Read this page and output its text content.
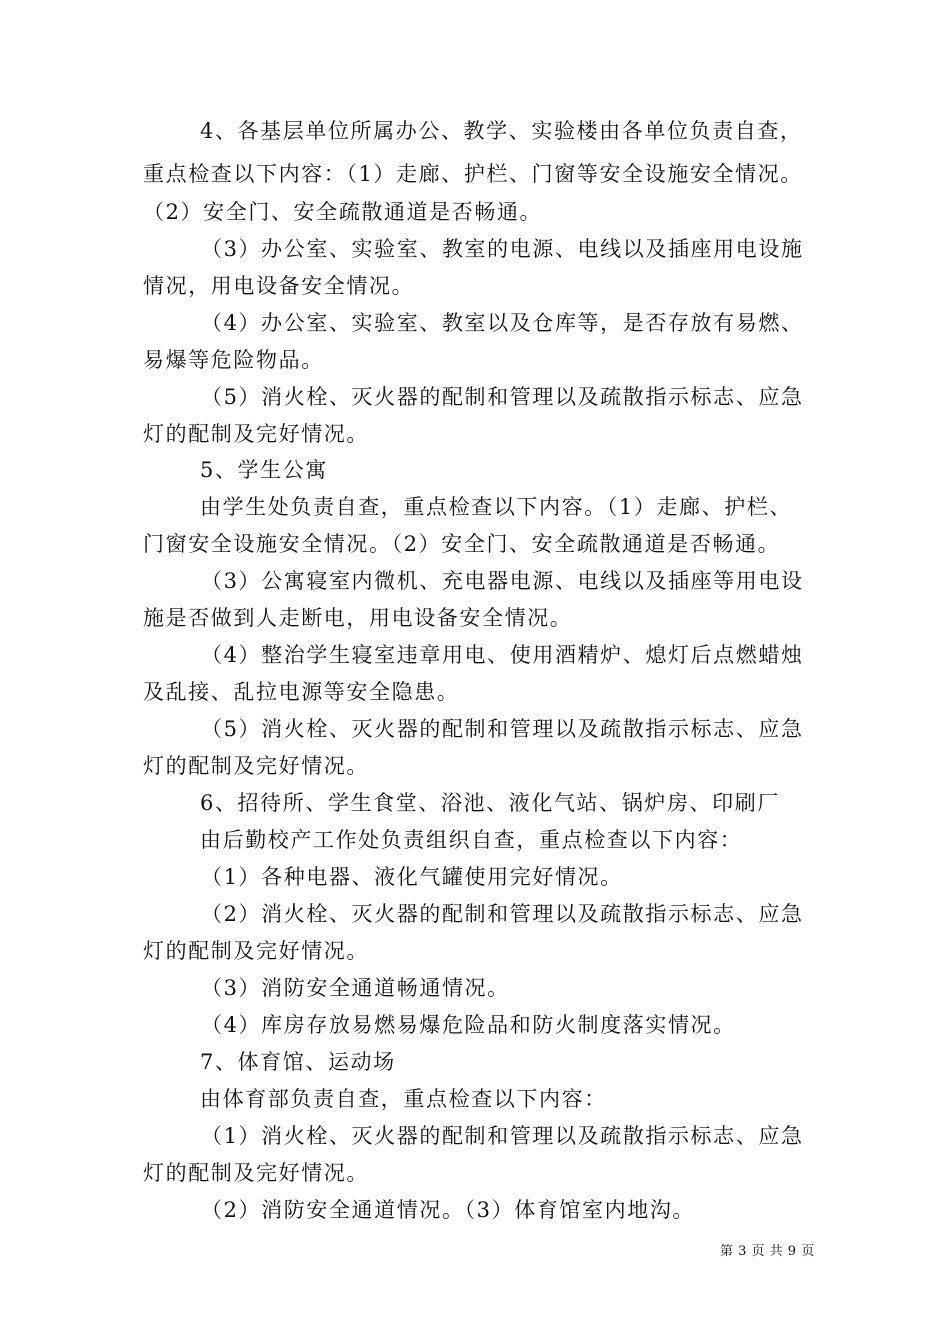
4、各基层单位所属办公、教学、实验楼由各单位负责自查，
重点检查以下内容：（1）走廊、护栏、门窗等安全设施安全情况。
（2）安全门、安全疏散通道是否畅通。
（3）办公室、实验室、教室的电源、电线以及插座用电设施
情况，用电设备安全情况。
（4）办公室、实验室、教室以及仓库等，是否存放有易燃、
易爆等危险物品。
（5）消火栓、灭火器的配制和管理以及疏散指示标志、应急
灯的配制及完好情况。
5、学生公寓
由学生处负责自查，重点检查以下内容。（1）走廊、护栏、
门窗安全设施安全情况。（2）安全门、安全疏散通道是否畅通。
（3）公寓寝室内微机、充电器电源、电线以及插座等用电设
施是否做到人走断电，用电设备安全情况。
（4）整治学生寝室违章用电、使用酒精炉、熄灯后点燃蜡烛
及乱接、乱拉电源等安全隐患。
（5）消火栓、灭火器的配制和管理以及疏散指示标志、应急
灯的配制及完好情况。
6、招待所、学生食堂、浴池、液化气站、锅炉房、印刷厂
由后勤校产工作处负责组织自查，重点检查以下内容：
（1）各种电器、液化气罐使用完好情况。
（2）消火栓、灭火器的配制和管理以及疏散指示标志、应急
灯的配制及完好情况。
（3）消防安全通道畅通情况。
（4）库房存放易燃易爆危险品和防火制度落实情况。
7、体育馆、运动场
由体育部负责自查，重点检查以下内容：
（1）消火栓、灭火器的配制和管理以及疏散指示标志、应急
灯的配制及完好情况。
（2）消防安全通道情况。（3）体育馆室内地沟。
第 3 页 共 9 页
